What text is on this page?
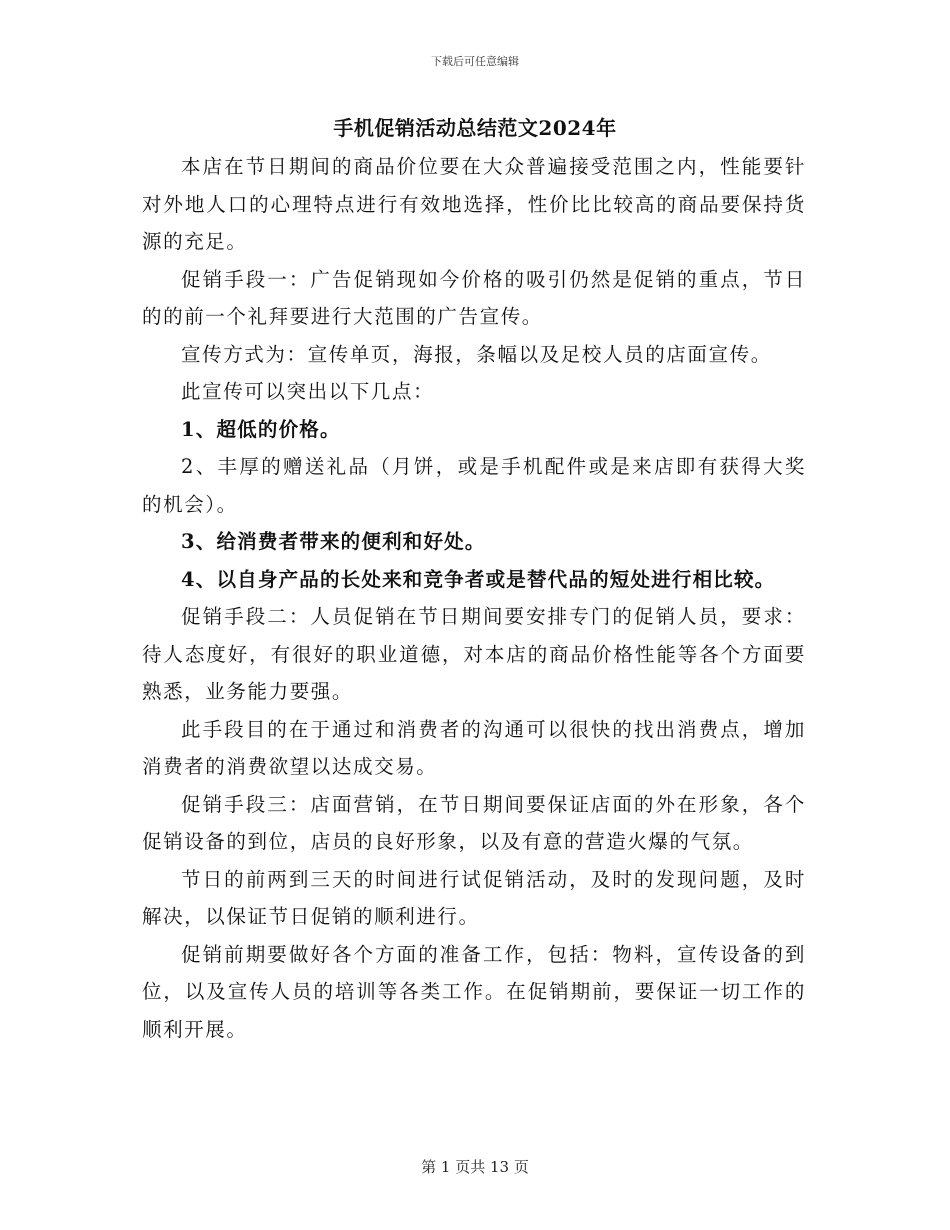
下载后可任意编辑
手机促销活动总结范文2024年

本店在节日期间的商品价位要在大众普遍接受范围之内，性能要针对外地人口的心理特点进行有效地选择，性价比比较高的商品要保持货源的充足。

促销手段一：广告促销现如今价格的吸引仍然是促销的重点，节日的的前一个礼拜要进行大范围的广告宣传。

宣传方式为：宣传单页，海报，条幅以及足校人员的店面宣传。

此宣传可以突出以下几点：

1、超低的价格。

2、丰厚的赠送礼品（月饼，或是手机配件或是来店即有获得大奖的机会）。

3、给消费者带来的便利和好处。

4、以自身产品的长处来和竞争者或是替代品的短处进行相比较。

促销手段二：人员促销在节日期间要安排专门的促销人员，要求：待人态度好，有很好的职业道德，对本店的商品价格性能等各个方面要熟悉，业务能力要强。

此手段目的在于通过和消费者的沟通可以很快的找出消费点，增加消费者的消费欲望以达成交易。

促销手段三：店面营销，在节日期间要保证店面的外在形象，各个促销设备的到位，店员的良好形象，以及有意的营造火爆的气氛。

节日的前两到三天的时间进行试促销活动，及时的发现问题，及时解决，以保证节日促销的顺利进行。

促销前期要做好各个方面的准备工作，包括：物料，宣传设备的到位，以及宣传人员的培训等各类工作。在促销期前，要保证一切工作的顺利开展。

第 1 页共 13 页
